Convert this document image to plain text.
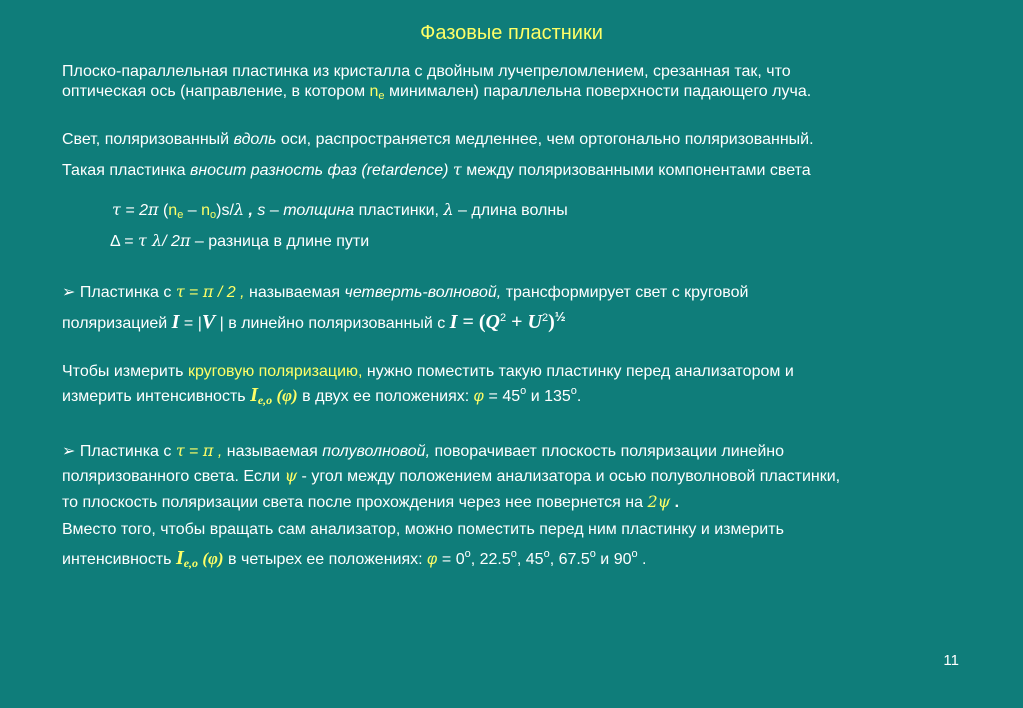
Фазовые пластники
Плоско-параллельная пластинка из кристалла с двойным лучепреломлением, срезанная так, что
оптическая ось (направление, в котором $n_e$ минимален) параллельна поверхности падающего луча.
Свет, поляризованный вдоль оси, распространяется медленнее, чем ортогонально поляризованный.
Такая пластинка вносит разность фаз (retardence) τ между поляризованными компонентами света
τ = 2π $(n_e - n_o)s/\lambda$ , s – толщина пластинки, λ – длина волны
Δ = τ λ/ 2π – разница в длине пути
➢ Пластинка с τ = π / 2 , называемая четверть-волновой, трансформирует свет с круговой
поляризацией I = |V | в линейно поляризованный с $I = (Q^2 + U^2)^{\frac{1}{2}}$
Чтобы измерить круговую поляризацию, нужно поместить такую пластинку перед анализатором и
измерить интенсивность $I_{e,o}$ (φ) в двух ее положениях: $\varphi = 45^o$ и 135$^o$.
➢ Пластинка с τ = π , называемая полуволновой, поворачивает плоскость поляризации линейно
поляризованного света. Если ψ - угол между положением анализатора и осью полуволновой пластинки,
то плоскость поляризации света после прохождения через нее повернется на 2ψ .
Вместо того, чтобы вращать сам анализатор, можно поместить перед ним пластинку и измерить
интенсивность $I_{e,o}$ (φ) в четырех ее положениях: $\varphi = 0^o$, 22.5$^o$, 45$^o$, 67.5$^o$ и 90$^o$ .
11
